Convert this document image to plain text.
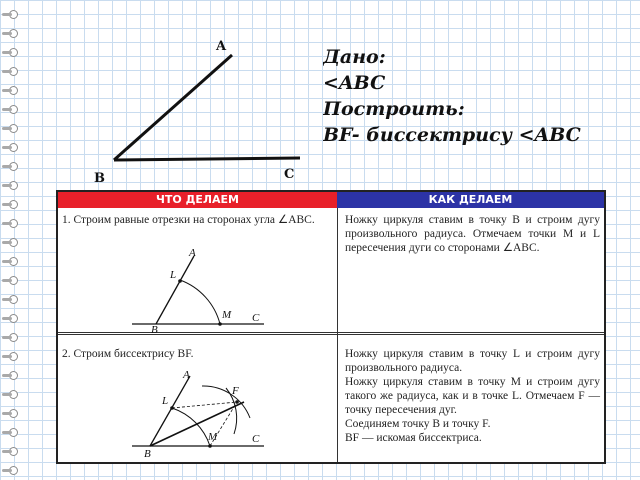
A
B	C
Дано:
<ABC
Построить:
BF- биссектрису <ABC
ЧТО ДЕЛАЕМ	КАК ДЕЛАЕМ
1. Строим равные отрезки на сторонах угла ∠ABC.	Ножку циркуля ставим в точку B и строим дугу произвольного радиуса. Отмечаем точки M и L пересечения дуги со сторонами ∠ABC.
A
B
C
L
M
2. Строим биссектрису BF.	Ножку циркуля ставим в точку L и строим дугу произвольного радиуса.
Ножку циркуля ставим в точку M и строим дугу такого же радиуса, как и в точке L. Отмечаем F — точку пересечения дуг.
Соединяем точку B и точку F.
BF — искомая биссектриса.
A
B
C
L
M
F
